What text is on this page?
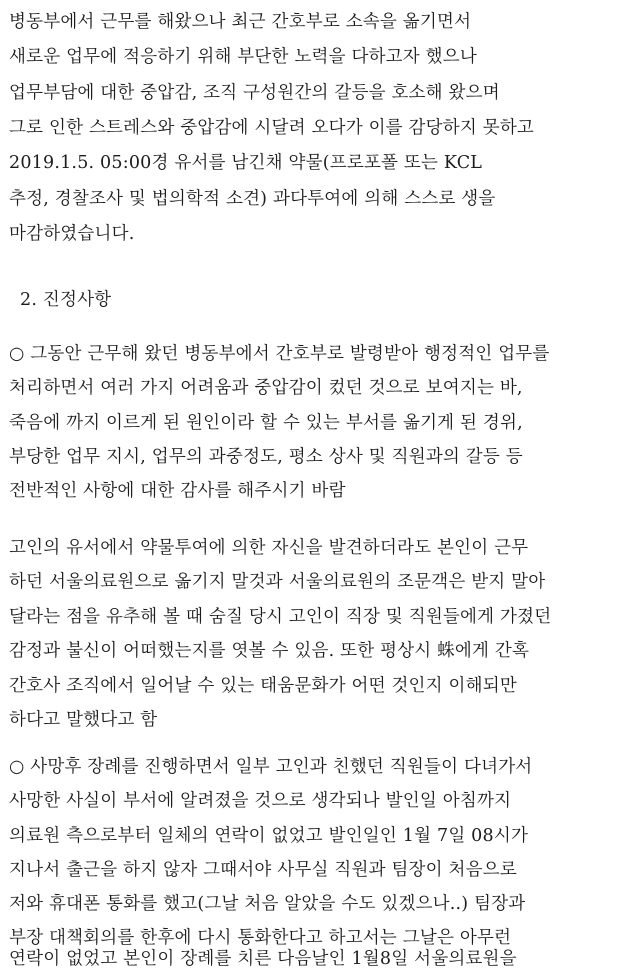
병동부에서 근무를 해왔으나 최근 간호부로 소속을 옮기면서
새로운 업무에 적응하기 위해 부단한 노력을 다하고자 했으나
업무부담에 대한 중압감, 조직 구성원간의 갈등을 호소해 왔으며
그로 인한 스트레스와 중압감에 시달려 오다가 이를 감당하지 못하고
2019.1.5. 05:00경 유서를 남긴채 약물(프로포폴 또는 KCL
추정, 경찰조사 및 법의학적 소견) 과다투여에 의해 스스로 생을
마감하였습니다.
2. 진정사항
○ 그동안 근무해 왔던 병동부에서 간호부로 발령받아 행정적인 업무를
처리하면서 여러 가지 어려움과 중압감이 컸던 것으로 보여지는 바,
죽음에 까지 이르게 된 원인이라 할 수 있는 부서를 옮기게 된 경위,
부당한 업무 지시, 업무의 과중정도, 평소 상사 및 직원과의 갈등 등
전반적인 사항에 대한 감사를 해주시기 바람
고인의 유서에서 약물투여에 의한 자신을 발견하더라도 본인이 근무
하던 서울의료원으로 옮기지 말것과 서울의료원의 조문객은 받지 말아
달라는 점을 유추해 볼 때 숨질 당시 고인이 직장 및 직원들에게 가졌던
감정과 불신이 어떠했는지를 엿볼 수 있음. 또한 평상시 蛛에게 간혹
간호사 조직에서 일어날 수 있는 태움문화가 어떤 것인지 이해되만
하다고 말했다고 함
○ 사망후 장례를 진행하면서 일부 고인과 친했던 직원들이 다녀가서
사망한 사실이 부서에 알려졌을 것으로 생각되나 발인일 아침까지
의료원 측으로부터 일체의 연락이 없었고 발인일인 1월 7일 08시가
지나서 출근을 하지 않자 그때서야 사무실 직원과 팀장이 처음으로
저와 휴대폰 통화를 했고(그날 처음 알았을 수도 있겠으나..) 팀장과
부장 대책회의를 한후에 다시 통화한다고 하고서는 그날은 아무런
연락이 없었고 본인이 장례를 치른 다음날인 1월8일 서울의료원을
